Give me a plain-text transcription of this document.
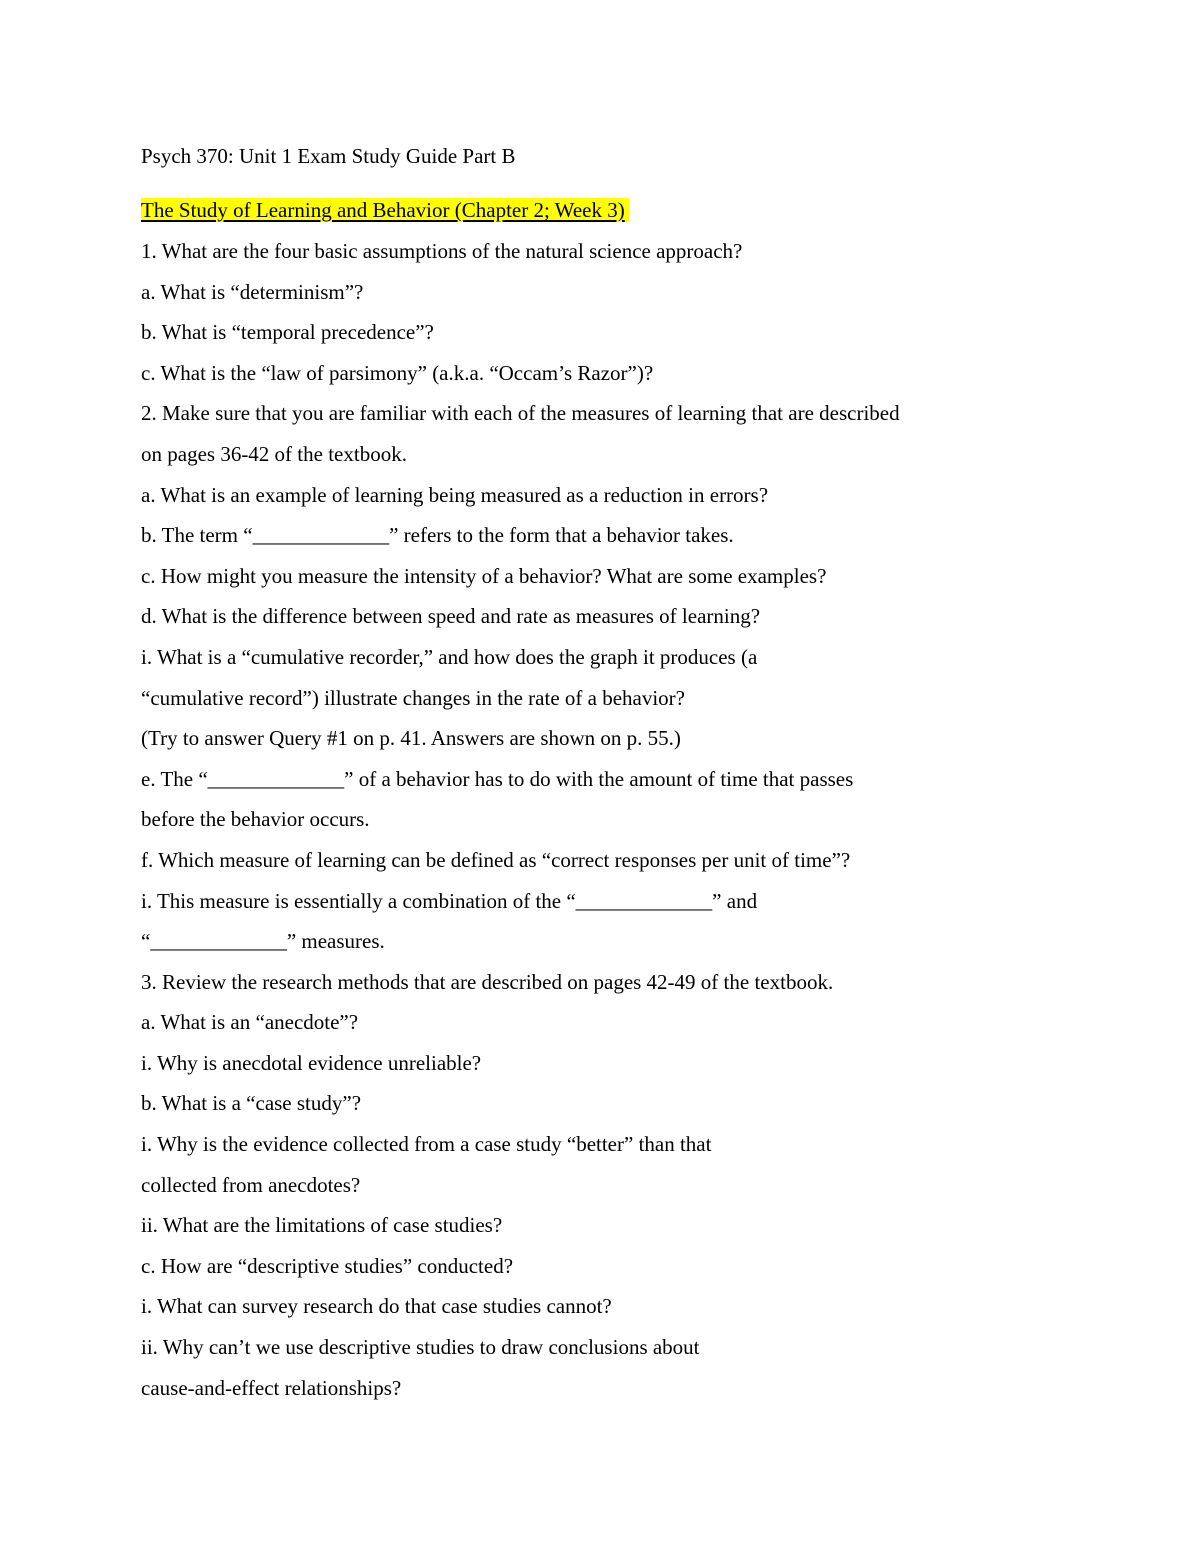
Psych 370: Unit 1 Exam Study Guide Part B
The Study of Learning and Behavior (Chapter 2; Week 3)
1. What are the four basic assumptions of the natural science approach?
a. What is “determinism”?
b. What is “temporal precedence”?
c. What is the “law of parsimony” (a.k.a. “Occam’s Razor”)?
2. Make sure that you are familiar with each of the measures of learning that are described
on pages 36-42 of the textbook.
a. What is an example of learning being measured as a reduction in errors?
b. The term “_____________” refers to the form that a behavior takes.
c. How might you measure the intensity of a behavior? What are some examples?
d. What is the difference between speed and rate as measures of learning?
i. What is a “cumulative recorder,” and how does the graph it produces (a
“cumulative record”) illustrate changes in the rate of a behavior?
(Try to answer Query #1 on p. 41. Answers are shown on p. 55.)
e. The “_____________” of a behavior has to do with the amount of time that passes
before the behavior occurs.
f. Which measure of learning can be defined as “correct responses per unit of time”?
i. This measure is essentially a combination of the “_____________” and
“_____________” measures.
3. Review the research methods that are described on pages 42-49 of the textbook.
a. What is an “anecdote”?
i. Why is anecdotal evidence unreliable?
b. What is a “case study”?
i. Why is the evidence collected from a case study “better” than that
collected from anecdotes?
ii. What are the limitations of case studies?
c. How are “descriptive studies” conducted?
i. What can survey research do that case studies cannot?
ii. Why can’t we use descriptive studies to draw conclusions about
cause-and-effect relationships?
